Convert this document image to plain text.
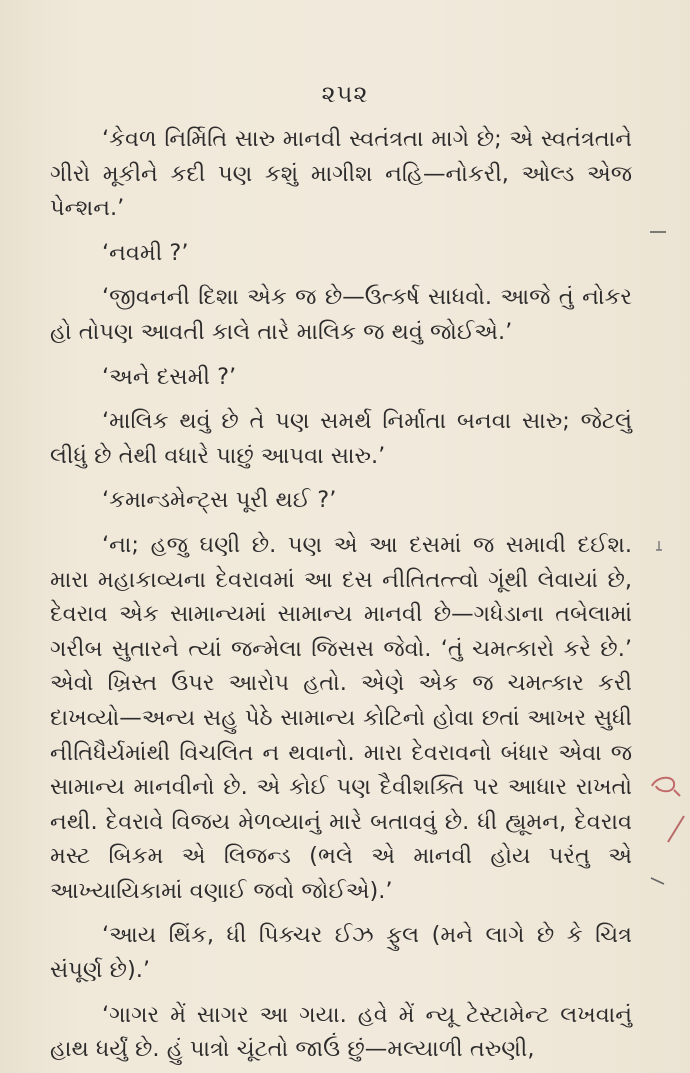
૨૫૨

‘કેવળ નિર્મિતિ સારુ માનવી સ્વતંત્રતા માગે છે; એ સ્વતંત્રતાને ગીરો મૂકીને કદી પણ કશું માગીશ નહિ—નોકરી, ઓલ્ડ એજ પેન્શન.’

‘નવમી ?’

‘જીવનની દિશા એક જ છે—ઉત્કર્ષ સાધવો. આજે તું નોકર હો તોપણ આવતી કાલે તારે માલિક જ થવું જોઈએ.’

‘અને દસમી ?’

‘માલિક થવું છે તે પણ સમર્થ નિર્માતા બનવા સારુ; જેટલું લીધું છે તેથી વધારે પાછું આપવા સારુ.’

‘કમાન્ડમેન્ટ્સ પૂરી થઈ ?’

‘ના; હજુ ઘણી છે. પણ એ આ દસમાં જ સમાવી દઈશ. મારા મહાકાવ્યના દેવરાવમાં આ દસ નીતિતત્ત્વો ગૂંથી લેવાયાં છે, દેવરાવ એક સામાન્યમાં સામાન્ય માનવી છે—ગધેડાના તબેલામાં ગરીબ સુતારને ત્યાં જન્મેલા જિસસ જેવો. ‘તું ચમત્કારો કરે છે.’ એવો ખ્રિસ્ત ઉપર આરોપ હતો. એણે એક જ ચમત્કાર કરી દાખવ્યો—અન્ય સહુ પેઠે સામાન્ય કોટિનો હોવા છતાં આખર સુધી નીતિધૈર્યમાંથી વિચલિત ન થવાનો. મારા દેવરાવનો બંધાર એવા જ સામાન્ય માનવીનો છે. એ કોઈ પણ દૈવીશક્તિ પર આધાર રાખતો નથી. દેવરાવે વિજય મેળવ્યાનું મારે બતાવવું છે. ધી હ્યૂમન, દેવરાવ મસ્ટ બિકમ એ લિજન્ડ (ભલે એ માનવી હોય પરંતુ એ આખ્યાયિકામાં વણાઈ જવો જોઈએ).’

‘આય થિંક, ધી પિક્ચર ઈઝ ફુલ (મને લાગે છે કે ચિત્ર સંપૂર્ણ છે).’

‘ગાગર મેં સાગર આ ગયા. હવે મેં ન્યૂ ટેસ્ટામેન્ટ લખવાનું હાથ ધર્યું છે. હું પાત્રો ચૂંટતો જાઉં છું—મલ્યાળી તરુણી,
